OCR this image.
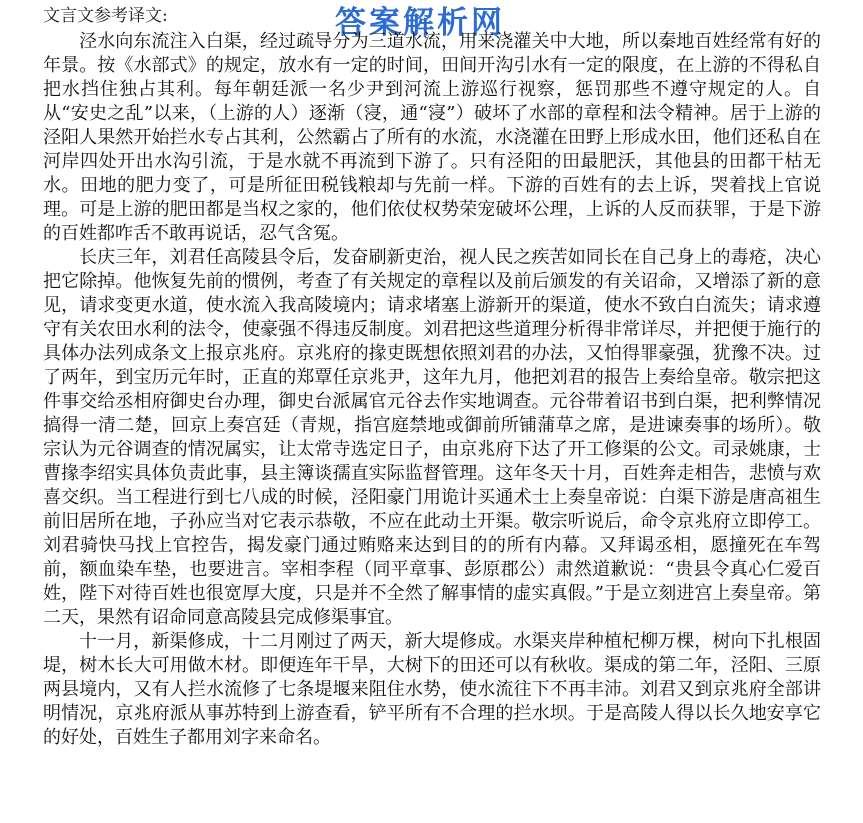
文言文参考译文:	答案解析网

泾水向东流注入白渠，经过疏导分为三道水流，用来浇灌关中大地，所以秦地百姓经常有好的年景。按《水部式》的规定，放水有一定的时间，田间开沟引水有一定的限度，在上游的不得私自把水挡住独占其利。每年朝廷派一名少尹到河流上游巡行视察，惩罚那些不遵守规定的人。自从“安史之乱”以来，（上游的人）逐渐（寖，通“寖”）破坏了水部的章程和法令精神。居于上游的泾阳人果然开始拦水专占其利，公然霸占了所有的水流，水浇灌在田野上形成水田，他们还私自在河岸四处开出水沟引流，于是水就不再流到下游了。只有泾阳的田最肥沃，其他县的田都干枯无水。田地的肥力变了，可是所征田税钱粮却与先前一样。下游的百姓有的去上诉，哭着找上官说理。可是上游的肥田都是当权之家的，他们依仗权势荣宠破坏公理，上诉的人反而获罪，于是下游的百姓都咋舌不敢再说话，忍气含冤。

长庆三年，刘君任高陵县令后，发奋刷新吏治，视人民之疾苦如同长在自己身上的毒疮，决心把它除掉。他恢复先前的惯例，考查了有关规定的章程以及前后颁发的有关诏命，又增添了新的意见，请求变更水道，使水流入我高陵境内；请求堵塞上游新开的渠道，使水不致白白流失；请求遵守有关农田水利的法令，使豪强不得违反制度。刘君把这些道理分析得非常详尽，并把便于施行的具体办法列成条文上报京兆府。京兆府的掾吏既想依照刘君的办法，又怕得罪豪强，犹豫不决。过了两年，到宝历元年时，正直的郑覃任京兆尹，这年九月，他把刘君的报告上奏给皇帝。敬宗把这件事交给丞相府御史台办理，御史台派属官元谷去作实地调查。元谷带着诏书到白渠，把利弊情况搞得一清二楚，回京上奏宫廷（青规，指宫庭禁地或御前所铺蒲草之席，是进谏奏事的场所）。敬宗认为元谷调查的情况属实，让太常寺选定日子，由京兆府下达了开工修渠的公文。司录姚康，士曹掾李绍实具体负责此事，县主簿谈孺直实际监督管理。这年冬天十月，百姓奔走相告，悲愤与欢喜交织。当工程进行到七八成的时候，泾阳豪门用诡计买通术士上奏皇帝说：白渠下游是唐高祖生前旧居所在地，子孙应当对它表示恭敬，不应在此动土开渠。敬宗听说后，命令京兆府立即停工。刘君骑快马找上官控告，揭发豪门通过贿赂来达到目的的所有内幕。又拜谒丞相，愿撞死在车驾前，额血染车垫，也要进言。宰相李程（同平章事、彭原郡公）肃然道歉说：“贵县令真心仁爱百姓，陛下对待百姓也很宽厚大度，只是并不全然了解事情的虚实真假。”于是立刻进宫上奏皇帝。第二天，果然有诏命同意高陵县完成修渠事宜。

十一月，新渠修成，十二月刚过了两天，新大堤修成。水渠夹岸种植杞柳万棵，树向下扎根固堤，树木长大可用做木材。即便连年干旱，大树下的田还可以有秋收。渠成的第二年，泾阳、三原两县境内，又有人拦水流修了七条堤堰来阻住水势，使水流往下不再丰沛。刘君又到京兆府全部讲明情况，京兆府派从事苏特到上游查看，铲平所有不合理的拦水坝。于是高陵人得以长久地安享它的好处，百姓生子都用刘字来命名。
